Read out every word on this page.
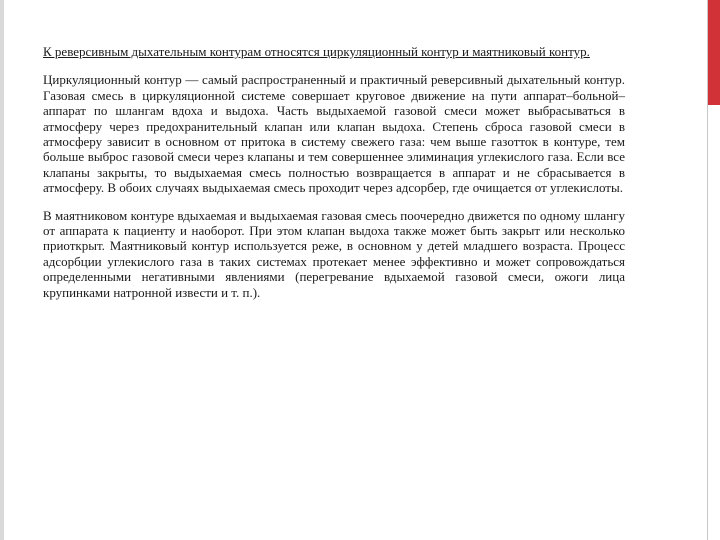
К реверсивным дыхательным контурам относятся циркуляционный контур и маятниковый контур.

Циркуляционный контур — самый распространенный и практичный реверсивный дыхательный контур. Газовая смесь в циркуляционной системе совершает круговое движение на пути аппарат–больной–аппарат по шлангам вдоха и выдоха. Часть выдыхаемой газовой смеси может выбрасываться в атмосферу через предохранительный клапан или клапан выдоха. Степень сброса газовой смеси в атмосферу зависит в основном от притока в систему свежего газа: чем выше газотток в контуре, тем больше выброс газовой смеси через клапаны и тем совершеннее элиминация углекислого газа. Если все клапаны закрыты, то выдыхаемая смесь полностью возвращается в аппарат и не сбрасывается в атмосферу. В обоих случаях выдыхаемая смесь проходит через адсорбер, где очищается от углекислоты.

В маятниковом контуре вдыхаемая и выдыхаемая газовая смесь поочередно движется по одному шлангу от аппарата к пациенту и наоборот. При этом клапан выдоха также может быть закрыт или несколько приоткрыт. Маятниковый контур используется реже, в основном у детей младшего возраста. Процесс адсорбции углекислого газа в таких системах протекает менее эффективно и может сопровождаться определенными негативными явлениями (перегревание вдыхаемой газовой смеси, ожоги лица крупинками натронной извести и т. п.).
